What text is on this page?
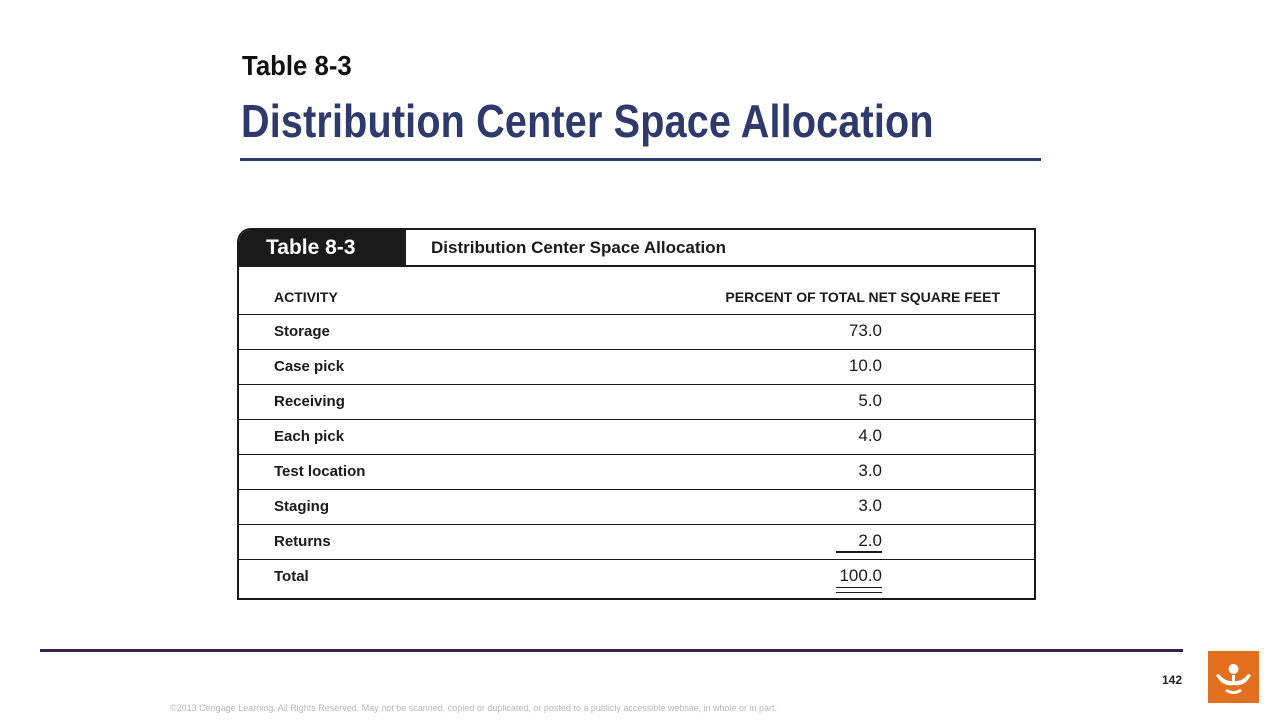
Table 8-3
Distribution Center Space Allocation
Table 8-3	Distribution Center Space Allocation
ACTIVITY	PERCENT OF TOTAL NET SQUARE FEET
Storage	73.0
Case pick	10.0
Receiving	5.0
Each pick	4.0
Test location	3.0
Staging	3.0
Returns	2.0
Total	100.0
142
©2013 Cengage Learning. All Rights Reserved. May not be scanned, copied or duplicated, or posted to a publicly accessible website, in whole or in part.
